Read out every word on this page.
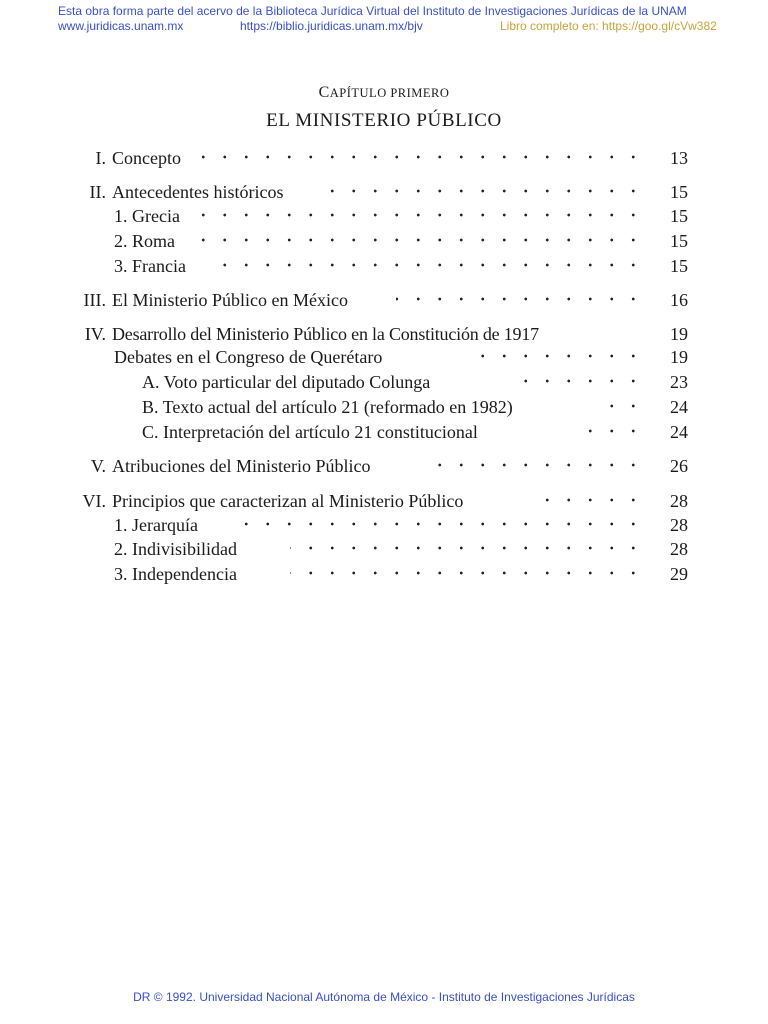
Esta obra forma parte del acervo de la Biblioteca Jurídica Virtual del Instituto de Investigaciones Jurídicas de la UNAM
www.juridicas.unam.mx	https://biblio.juridicas.unam.mx/bjv	Libro completo en: https://goo.gl/cVw382
CAPÍTULO PRIMERO
EL MINISTERIO PÚBLICO
I. Concepto	13
II. Antecedentes históricos	15
1. Grecia	15
2. Roma	15
3. Francia	15
III. El Ministerio Público en México	16
IV. Desarrollo del Ministerio Público en la Constitución de 1917	19
Debates en el Congreso de Querétaro	19
A. Voto particular del diputado Colunga	23
B. Texto actual del artículo 21 (reformado en 1982)	24
C. Interpretación del artículo 21 constitucional	24
V. Atribuciones del Ministerio Público	26
VI. Principios que caracterizan al Ministerio Público	28
1. Jerarquía	28
2. Indivisibilidad	28
3. Independencia	29
DR © 1992. Universidad Nacional Autónoma de México - Instituto de Investigaciones Jurídicas
